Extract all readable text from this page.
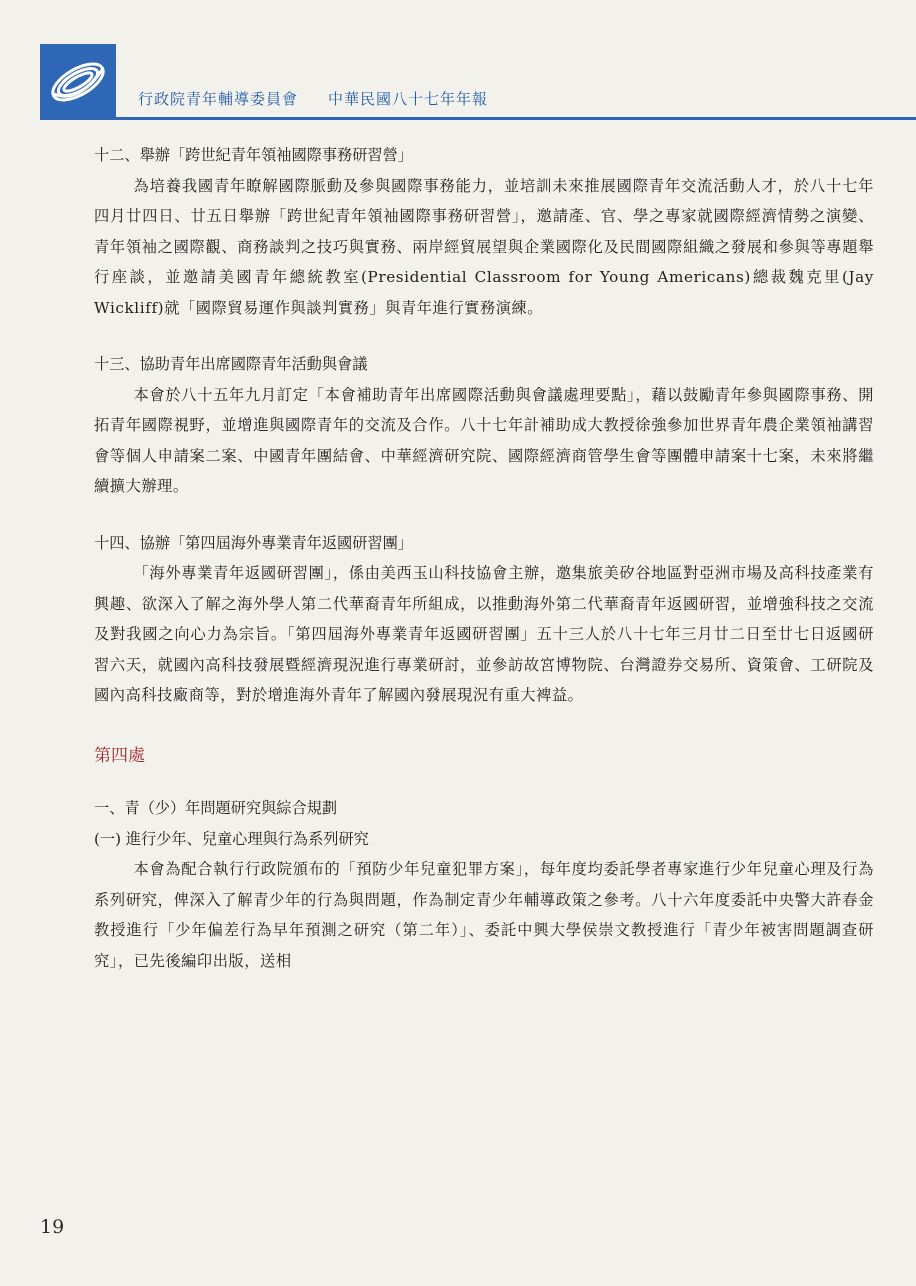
行政院青年輔導委員會 中華民國八十七年年報

十二、舉辦「跨世紀青年領袖國際事務研習營」

為培養我國青年瞭解國際脈動及參與國際事務能力，並培訓未來推展國際青年交流活動人才，於八十七年四月廿四日、廿五日舉辦「跨世紀青年領袖國際事務研習營」，邀請產、官、學之專家就國際經濟情勢之演變、青年領袖之國際觀、商務談判之技巧與實務、兩岸經貿展望與企業國際化及民間國際組織之發展和參與等專題舉行座談，並邀請美國青年總統教室(Presidential Classroom for Young Americans)總裁魏克里(Jay Wickliff)就「國際貿易運作與談判實務」與青年進行實務演練。

十三、協助青年出席國際青年活動與會議

本會於八十五年九月訂定「本會補助青年出席國際活動與會議處理要點」，藉以鼓勵青年參與國際事務、開拓青年國際視野，並增進與國際青年的交流及合作。八十七年計補助成大教授徐強參加世界青年農企業領袖講習會等個人申請案二案、中國青年團結會、中華經濟研究院、國際經濟商管學生會等團體申請案十七案，未來將繼續擴大辦理。

十四、協辦「第四屆海外專業青年返國研習團」

「海外專業青年返國研習團」，係由美西玉山科技協會主辦，邀集旅美矽谷地區對亞洲市場及高科技產業有興趣、欲深入了解之海外學人第二代華裔青年所組成，以推動海外第二代華裔青年返國研習，並增強科技之交流及對我國之向心力為宗旨。「第四屆海外專業青年返國研習團」五十三人於八十七年三月廿二日至廿七日返國研習六天，就國內高科技發展暨經濟現況進行專業研討，並參訪故宮博物院、台灣證券交易所、資策會、工研院及國內高科技廠商等，對於增進海外青年了解國內發展現況有重大裨益。

第四處

一、青（少）年問題研究與綜合規劃

(一) 進行少年、兒童心理與行為系列研究

本會為配合執行行政院頒布的「預防少年兒童犯罪方案」，每年度均委託學者專家進行少年兒童心理及行為系列研究，俾深入了解青少年的行為與問題，作為制定青少年輔導政策之參考。八十六年度委託中央警大許春金教授進行「少年偏差行為早年預測之研究（第二年）」、委託中興大學侯崇文教授進行「青少年被害問題調查研究」，已先後編印出版，送相

19
